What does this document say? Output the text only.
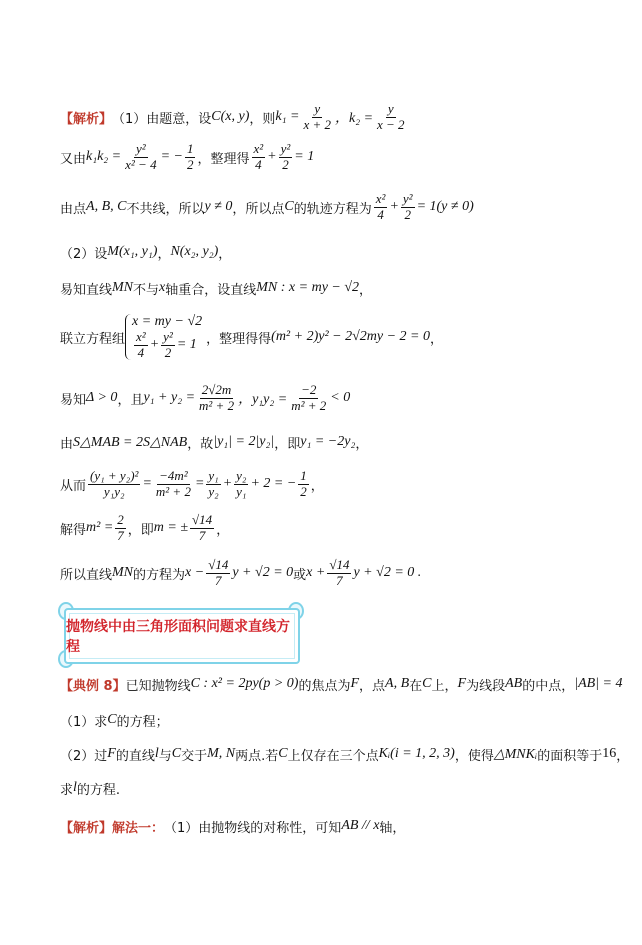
【解析】 （1）由题意，设 C(x, y) ，则 $k_1 = \frac{y}{x + 2}$ ，$k_2 = \frac{y}{x - 2}$
又由 $k_1k_2 = \frac{\text{y²}}{\text{x² − 4}}$ = − $\frac{1}{2}$ ，整理得 $\frac{\text{x²}}{4} + \frac{\text{y²}}{2} = 1$
由点 A, B, C 不共线，所以 y ≠ 0 ，所以点 C 的轨迹方程为 $\frac{\text{x²}}{4} + \frac{\text{y²}}{2} = 1(y \ne 0)$
（2）设 M(x₁, y₁) ， N(x₂, y₂) ，
易知直线 MN 不与 x 轴重合，设直线 MN : x = my − √2 ，
联立方程组
x = my − √2
$\frac{\text{x²}}{4} + \frac{\text{y²}}{2} = 1$ ，整理得得 (m² + 2)y² − 2√2my − 2 = 0 ，
易知 Δ > 0 ，且 $y_1 + y_2 = \frac{2√2m}{\text{m² + 2}}$ ，$y_1y_2 = \frac{-2}{\text{m² + 2}} < 0$
由 S△MAB = 2S△NAB ，故 |y₁| = 2|y₂| ，即 y₁ = −2y₂ ，
从而 $\frac{\text{(y₁ + y₂)²}}{\text{y₁y₂}} = \frac{\text{−4m²}}{\text{m² + 2}} = \frac{\text{y₁}}{\text{y₂}} + \frac{\text{y₂}}{\text{y₁}} + 2$ = − $\frac{1}{2}$ ，
解得 $m^2 = \frac{2}{7}$ ，即 m = ± $\frac{√14}{7}$ ，
所以直线 MN 的方程为 $x - \frac{√14}{7}$ y + √2 = 0 或 $x + \frac{√14}{7}$ y + √2 = 0 .
抛物线中由三角形面积问题求直线方程
【典例 8】 已知抛物线 C : x² = 2py(p > 0) 的焦点为 F ，点 A, B 在 C 上， F 为线段 AB 的中点， |AB| = 4
（1）求 C 的方程；
（2）过 F 的直线 l 与 C 交于 M, N 两点.若 C 上仅存在三个点 Kᵢ(i = 1, 2, 3) ，使得 △MNKᵢ 的面积等于 16 ，
求 l 的方程.
【解析】 解法一： （1）由抛物线的对称性，可知 AB // x 轴，
